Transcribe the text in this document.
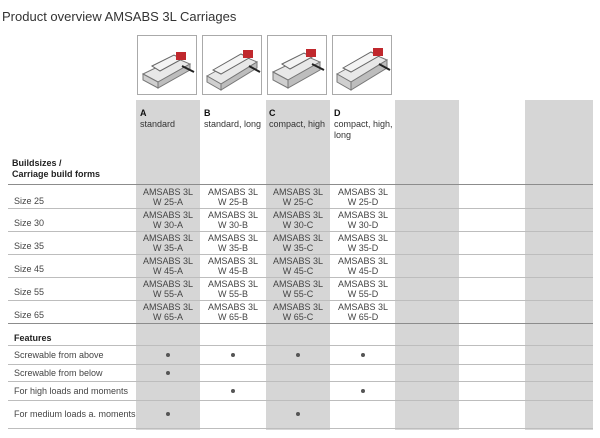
Product overview AMSABS 3L Carriages
A
standard
B
standard, long
C
compact, high
D
compact, high, long
Buildsizes /
Carriage build forms
Size 25
Size 30
Size 35
Size 45
Size 55
Size 65
AMSABS 3L
W 25-A
AMSABS 3L
W 25-B
AMSABS 3L
W 25-C
AMSABS 3L
W 25-D
AMSABS 3L
W 30-A
AMSABS 3L
W 30-B
AMSABS 3L
W 30-C
AMSABS 3L
W 30-D
AMSABS 3L
W 35-A
AMSABS 3L
W 35-B
AMSABS 3L
W 35-C
AMSABS 3L
W 35-D
AMSABS 3L
W 45-A
AMSABS 3L
W 45-B
AMSABS 3L
W 45-C
AMSABS 3L
W 45-D
AMSABS 3L
W 55-A
AMSABS 3L
W 55-B
AMSABS 3L
W 55-C
AMSABS 3L
W 55-D
AMSABS 3L
W 65-A
AMSABS 3L
W 65-B
AMSABS 3L
W 65-C
AMSABS 3L
W 65-D
Features
Screwable from above
Screwable from below
For high loads and moments
For medium loads a. moments
